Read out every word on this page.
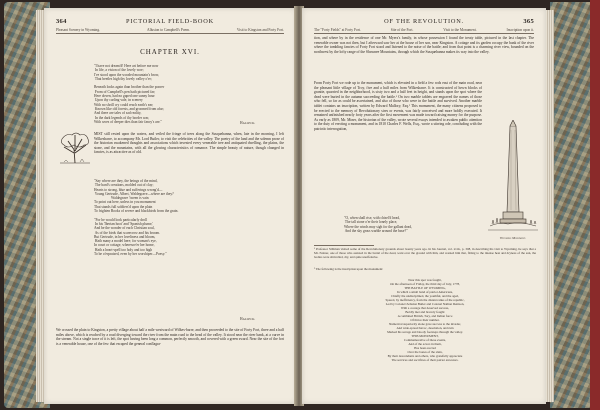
364	PICTORIAL FIELD-BOOK
Pleasant Scenery in Wyoming.	Allusion to Campbell's Poem.	Visit to Kingston and Forty Fort.
CHAPTER XVI.
"I have not dream'd! Here art before me now
In life, a vision of the lovely woe;
I've stood upon the wooded mountain's brow,
That beetles high thy lovely valley o'er;

Beneath looks again than brother than the poorer
From of Campbell's pen hath pictured far;
Here doven, had no gaped one sunny hour
Upon thy curling vale, in scenery
With no shrill cry could reach earth's ear;
Known like old forests, and groomed from afar;
And there are tales of sad reality,
In the dark legends of thy border war,
With woes of deeper dies than fair fancy's are."	Halleck.
MIST still rested upon the waters, and veiled the fringe of trees along the Susquehanna, when, late in the morning, I left Wilkesbarre, to accompany Mr. Lord Butler, to visit the celebrities of the valley. The poetry of the land and the solemn prose of the historian awakened thoughts and associations which invested every venerable tree and antiquated dwelling, the plains, the stone, and the mountains, with all the glowing characteristics of romance. The simple beauty of nature, though changed in fancies, is as attractive as of old.
"Say where are they, the beings of the mind,
The bard's creations, molded out of clay;
Hearts to strong, blue and sufferings wrong'd—
Young Gertrude, Albert, Waldegrave—where are they?
Waldegrave 'tween is vain
To point out here, unless in you monument
That stands full soldiers'd upon the plain
To frighten Books of severe and blackbirds from the grain.

"For he would look particularly droll
In his 'Iberian hoot' and 'Spanish plume,'
And be the wonder of each Christian soul,
As of the birds that scarecrow and his broom.
But Gertrude, in her loveliness and bloom,
Hath many a model here; for woman's eye,
In court or cottage, wheresoe'er her home,
Hath a heart-spell too holy and too high
To be o'erpraised, even by her worshiper—Poesy."
Halleck.
We crossed the plain to Kingston, a pretty village about half a mile westward of Wilkes-barre, and then proceeded to the site of Forty Fort, three and a half miles above, which is reached by a road diverging toward the river from the main road to the head of the valley. It stood near the river bank, at a curve in the stream. Not a single trace of it is left, the spot having been long a common, perfectly smooth, and covered with a green sward. Near the site of the fort is a venerable house, one of the few that escaped the general conflagra-
OF THE REVOLUTION.	365
The "Forty Fields" at Forty Fort.	Site of the Fort.	Visit to the Monument.	Inscription upon it.
tion, and where by in the residence of one Mr. Myers's family, in whose possession I found the treaty table, pictured in the last chapter. The venerable owner was not then, but I afterward saw her at the house of her son, near Kingston. A cottage and its garden occupy the bank of the river where the tombling fancies of Forty Fort stood and listened to the noise of the battle; and from that point is a charming river view, bounded on the northwest by the lofty range of the Shawnee Mountains, through which the Susquehanna makes its way into the valley.
From Forty Fort we rode up to the monument, which is elevated in a field a few rods east of the main road, near the pleasant little village of Troy, five and a half miles from Wilkesbarre. It is constructed of hewn blocks of granite, quarried in the neighborhood, is sixty two and a half feet in height, and stands upon the spot where the dead were buried in the autumn succeeding the battle.¹ On two marble tablets are engraved the names of those who fell, so far as could be ascertained, and also of those who were in the battle and survived. Another marble tablet contains an inscription, written by Edward Mallory, Esq.² This monument, the many citizens proposed to be erected to the memory of Revolutionary sires or events, was fairly conceived and more boldly executed. It remained unfinished nearly forty years after the first movement was made toward raising money for the purpose. As early as 1809, Mr. Miner, the historian of the valley, wrote several essays intended to awaken public attention to the duty of erecting a monument, and in 1810 Charles F. Wells, Esq., wrote a stirring ode, concluding with the patriotic interrogation,
Wyoming Monument.
"O, when shall rise, with chisel'd head,
The tall stone o'er their lonely place,
Where the winds may sigh for the gallant dead,
And the sky grass warble around the base?"
¹ Professor Silliman visited some of the Revolutionary grounds about twenty years ago. In his Journal, vol. xviii., p. 308, in describing his visit to Wyoming, he says that a Mr. Fenner, one of those who assisted in the burial of the dead, went over the ground with him, and warned him that, fitting to the intense heat and dryness of the sun, the bodies were shrivelled, dry, and quite unoffensive.
² The following is the inscription upon the monument:
Near this spot was fought,
On the afternoon of Friday, the third day of July, 1778,
THE BATTLE OF WYOMING,
In which a small band of patriot Americans,
Chiefly the undisciplined, the youthful, and the aged,
Spared, by inefficiency, from the distant ranks of the republic,
Led by Colonel Zebulon Butler and Colonel Nathan Denison,
With a courage that deserved success,
Boldly met and bravely fought
A combined British, Tory, and Indian force
Of thrice their number.
Numerical superiority alone gave success to the invader,
And wide-spread havoc, desolation, and ruin
Marked his savage and bloody footsteps through the valley.
THIS MONUMENT,
Commemorative of these events,
And of the actors in them,
Has been erected
Over the bones of the slain,
By their descendants and others, who gratefully appreciate
The services and sacrifices of their patriot ancestors.
